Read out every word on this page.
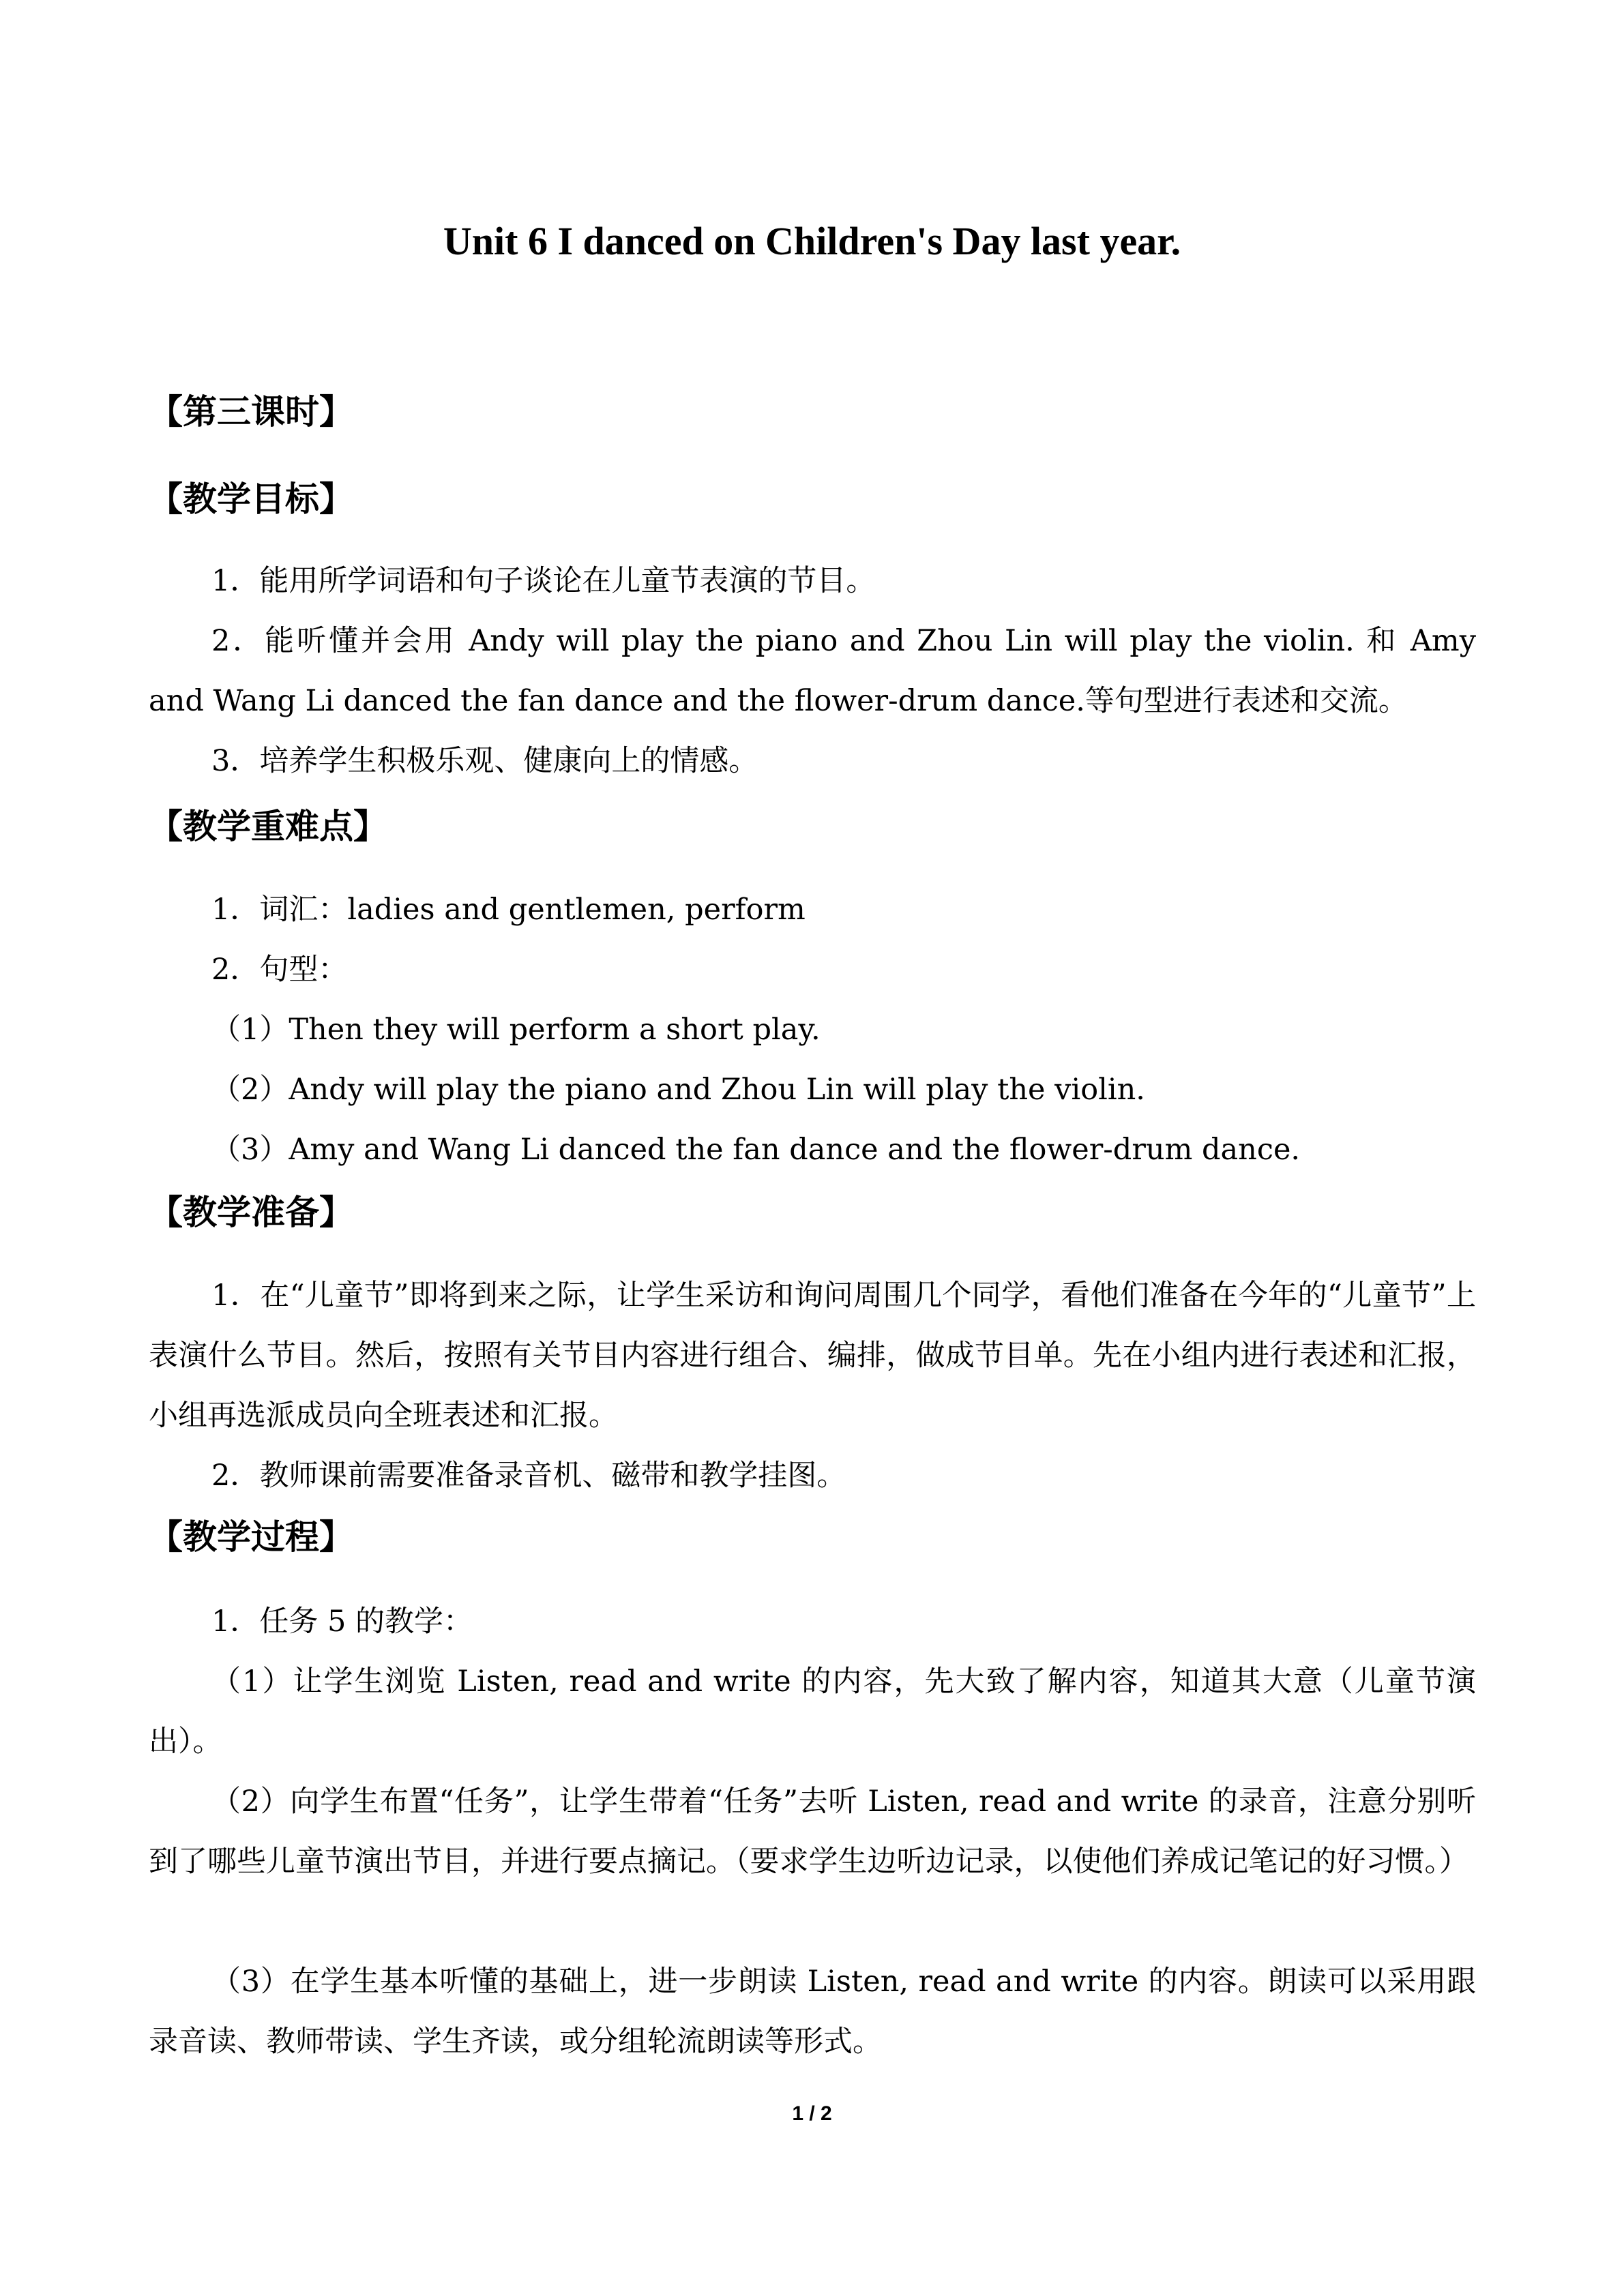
Unit 6 I danced on Children's Day last year.
【第三课时】
【教学目标】

1．能用所学词语和句子谈论在儿童节表演的节目。

2．能听懂并会用 Andy will play the piano and Zhou Lin will play the violin. 和 Amy and Wang Li danced the fan dance and the flower-drum dance.等句型进行表述和交流。

3．培养学生积极乐观、健康向上的情感。

【教学重难点】

1．词汇：ladies and gentlemen, perform

2．句型：

（1）Then they will perform a short play.

（2）Andy will play the piano and Zhou Lin will play the violin.

（3）Amy and Wang Li danced the fan dance and the flower-drum dance.

【教学准备】

1．在“儿童节”即将到来之际，让学生采访和询问周围几个同学，看他们准备在今年的“儿童节”上表演什么节目。然后，按照有关节目内容进行组合、编排，做成节目单。先在小组内进行表述和汇报，小组再选派成员向全班表述和汇报。

2．教师课前需要准备录音机、磁带和教学挂图。

【教学过程】

1．任务 5 的教学：

（1）让学生浏览 Listen, read and write 的内容，先大致了解内容，知道其大意（儿童节演出）。

（2）向学生布置“任务”，让学生带着“任务”去听 Listen, read and write 的录音，注意分别听到了哪些儿童节演出节目，并进行要点摘记。（要求学生边听边记录，以使他们养成记笔记的好习惯。）

（3）在学生基本听懂的基础上，进一步朗读 Listen, read and write 的内容。朗读可以采用跟录音读、教师带读、学生齐读，或分组轮流朗读等形式。

1 / 2
